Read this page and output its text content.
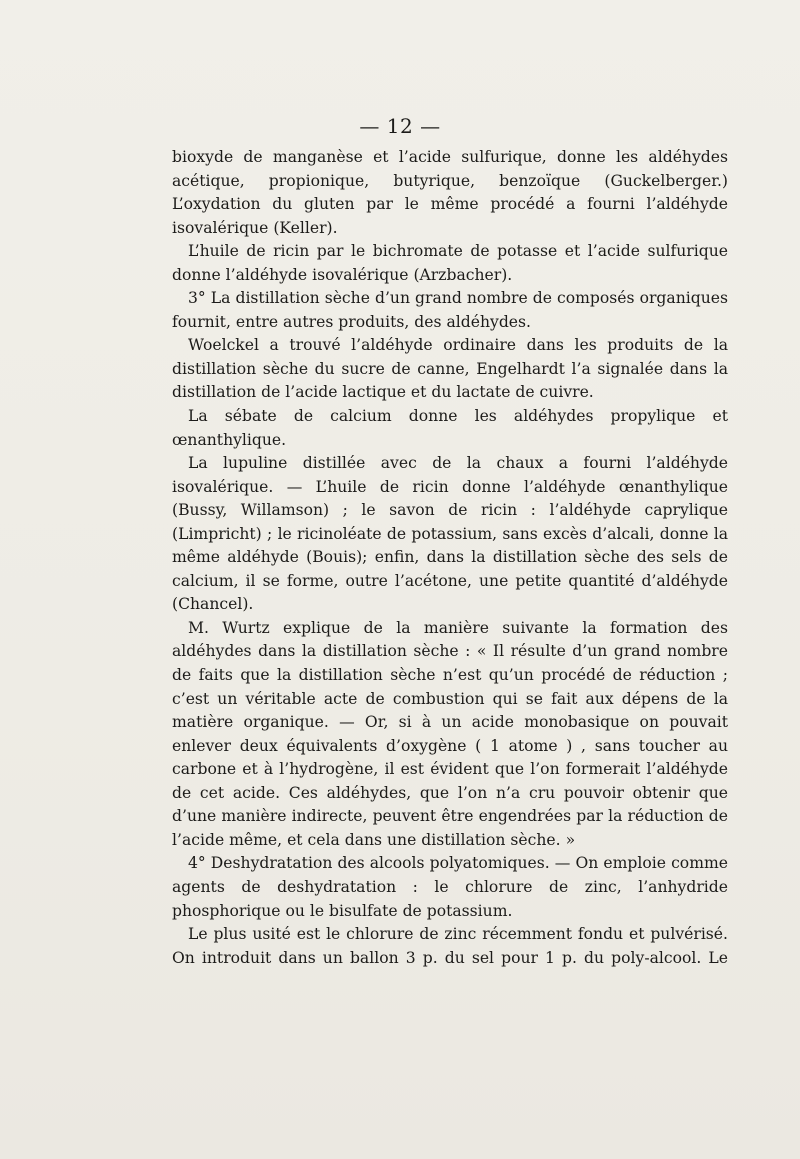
— 12 —

bioxyde de manganèse et l’acide sulfurique, donne les aldéhydes acétique, propionique, butyrique, benzoïque (Guckelberger.) L’oxydation du gluten par le même procédé a fourni l’aldéhyde isovalérique (Keller).

L’huile de ricin par le bichromate de potasse et l’acide sulfurique donne l’aldéhyde isovalérique (Arzbacher).

3° La distillation sèche d’un grand nombre de composés organiques fournit, entre autres produits, des aldéhydes.

Woelckel a trouvé l’aldéhyde ordinaire dans les produits de la distillation sèche du sucre de canne, Engelhardt l’a signalée dans la distillation de l’acide lactique et du lactate de cuivre.

La sébate de calcium donne les aldéhydes propylique et œnanthylique.

La lupuline distillée avec de la chaux a fourni l’aldéhyde isovalérique. — L’huile de ricin donne l’aldéhyde œnanthylique (Bussy, Willamson) ; le savon de ricin : l’aldéhyde caprylique (Limpricht) ; le ricinoléate de potassium, sans excès d’alcali, donne la même aldéhyde (Bouis); enfin, dans la distillation sèche des sels de calcium, il se forme, outre l’acétone, une petite quantité d’aldéhyde (Chancel).

M. Wurtz explique de la manière suivante la formation des aldéhydes dans la distillation sèche : « Il résulte d’un grand nombre de faits que la distillation sèche n’est qu’un procédé de réduction ; c’est un véritable acte de combustion qui se fait aux dépens de la matière organique. — Or, si à un acide monobasique on pouvait enlever deux équivalents d’oxygène ( 1 atome ) , sans toucher au carbone et à l’hydrogène, il est évident que l’on formerait l’aldéhyde de cet acide. Ces aldéhydes, que l’on n’a cru pouvoir obtenir que d’une manière indirecte, peuvent être engendrées par la réduction de l’acide même, et cela dans une distillation sèche. »

4° Deshydratation des alcools polyatomiques. — On emploie comme agents de deshydratation : le chlorure de zinc, l’anhydride phosphorique ou le bisulfate de potassium.

Le plus usité est le chlorure de zinc récemment fondu et pulvérisé. On introduit dans un ballon 3 p. du sel pour 1 p. du poly-alcool. Le
